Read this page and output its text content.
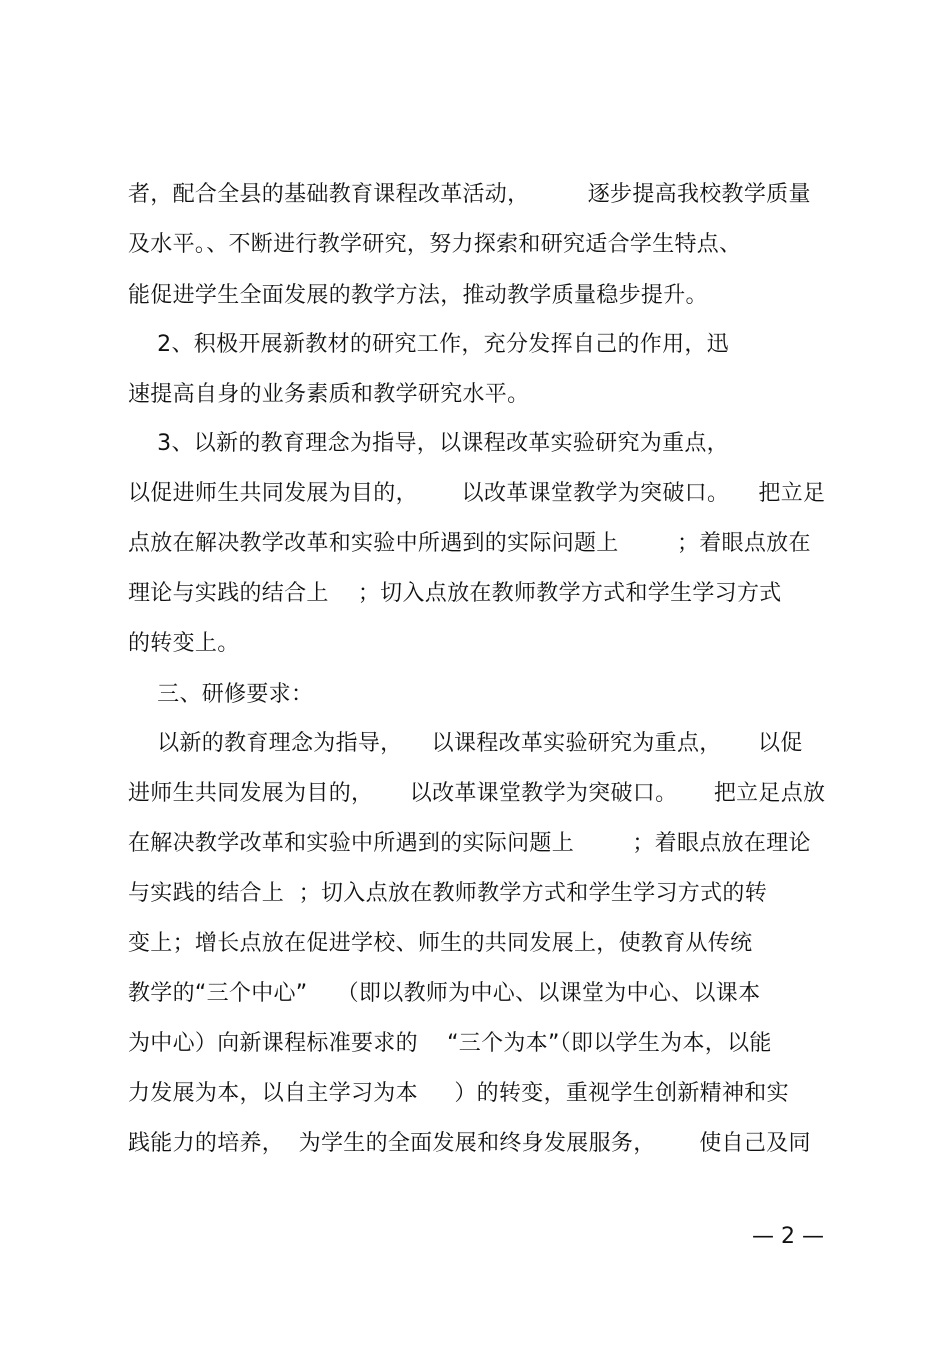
者，配合全县的基础教育课程改革活动，        逐步提高我校教学质量
及水平。、不断进行教学研究，努力探索和研究适合学生特点、
能促进学生全面发展的教学方法，推动教学质量稳步提升。
2、积极开展新教材的研究工作，充分发挥自己的作用，迅
速提高自身的业务素质和教学研究水平。
3、以新的教育理念为指导，以课程改革实验研究为重点，
以促进师生共同发展为目的，      以改革课堂教学为突破口。    把立足
点放在解决教学改革和实验中所遇到的实际问题上        ；着眼点放在
理论与实践的结合上    ；切入点放在教师教学方式和学生学习方式
的转变上。
三、研修要求：
以新的教育理念为指导，    以课程改革实验研究为重点，     以促
进师生共同发展为目的，     以改革课堂教学为突破口。     把立足点放
在解决教学改革和实验中所遇到的实际问题上        ；着眼点放在理论
与实践的结合上  ；切入点放在教师教学方式和学生学习方式的转
变上；增长点放在促进学校、师生的共同发展上，使教育从传统
教学的“三个中心”    （即以教师为中心、以课堂为中心、以课本
为中心）向新课程标准要求的    “三个为本”（即以学生为本，以能
力发展为本，以自主学习为本     ）的转变，重视学生创新精神和实
践能力的培养，  为学生的全面发展和终身发展服务，      使自己及同
— 2 —
